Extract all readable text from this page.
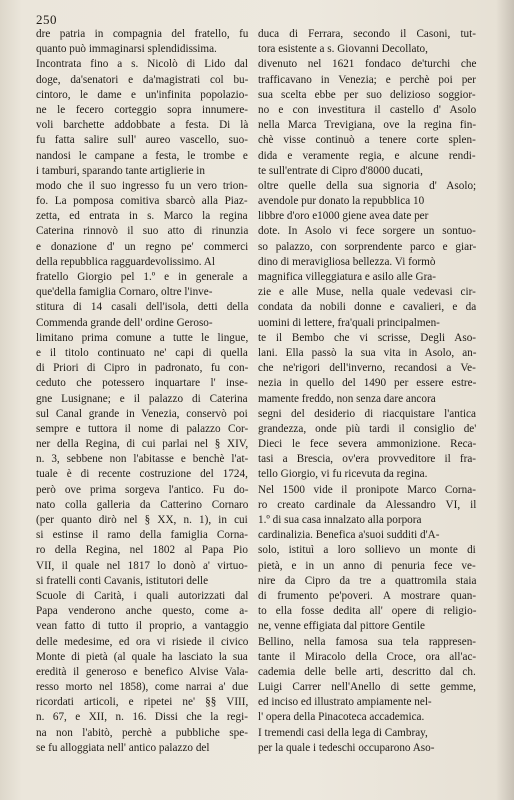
250
dre patria in compagnia del fratello, fu
quanto può immaginarsi splendidissima.
Incontrata fino a s. Nicolò di Lido dal
doge, da'senatori e da'magistrati col bu-
cintoro, le dame e un'infinita popolazio-
ne le fecero corteggio sopra innumere-
voli barchette addobbate a festa. Di là
fu fatta salire sull' aureo vascello, suo-
nandosi le campane a festa, le trombe e
i tamburi, sparando tante artiglierie in
modo che il suo ingresso fu un vero trion-
fo. La pomposa comitiva sbarcò alla Piaz-
zetta, ed entrata in s. Marco la regina
Caterina rinnovò il suo atto di rinunzia
e donazione d' un regno pe' commerci
della repubblica ragguardevolissimo. Al
fratello Giorgio pel 1.º e in generale a
que'della famiglia Cornaro, oltre l'inve-
stitura di 14 casali dell'isola, detti della
Commenda grande dell' ordine Geroso-
limitano prima comune a tutte le lingue,
e il titolo continuato ne' capi di quella
di Priori di Cipro in padronato, fu con-
ceduto che potessero inquartare l' inse-
gne Lusignane; e il palazzo di Caterina
sul Canal grande in Venezia, conservò poi
sempre e tuttora il nome di palazzo Cor-
ner della Regina, di cui parlai nel § XIV,
n. 3, sebbene non l'abitasse e benchè l'at-
tuale è di recente costruzione del 1724,
però ove prima sorgeva l'antico. Fu do-
nato colla galleria da Catterino Cornaro
(per quanto dirò nel § XX, n. 1), in cui
si estinse il ramo della famiglia Corna-
ro della Regina, nel 1802 al Papa Pio
VII, il quale nel 1817 lo donò a' virtuo-
si fratelli conti Cavanis, istitutori delle
Scuole di Carità, i quali autorizzati dal
Papa venderono anche questo, come a-
vean fatto di tutto il proprio, a vantaggio
delle medesime, ed ora vi risiede il civico
Monte di pietà (al quale ha lasciato la sua
eredità il generoso e benefico Alvise Vala-
resso morto nel 1858), come narrai a' due
ricordati articoli, e ripetei ne' §§ VIII,
n. 67, e XII, n. 16. Dissi che la regi-
na non l'abitò, perchè a pubbliche spe-
se fu alloggiata nell' antico palazzo del
duca di Ferrara, secondo il Casoni, tut-
tora esistente a s. Giovanni Decollato,
divenuto nel 1621 fondaco de'turchi che
trafficavano in Venezia; e perchè poi per
sua scelta ebbe per suo delizioso soggior-
no e con investitura il castello d' Asolo
nella Marca Trevigiana, ove la regina fin-
chè visse continuò a tenere corte splen-
dida e veramente regia, e alcune rendi-
te sull'entrate di Cipro d'8000 ducati,
oltre quelle della sua signoria d' Asolo;
avendole pur donato la repubblica 10
libbre d'oro e1000 giene avea date per
dote. In Asolo vi fece sorgere un sontuo-
so palazzo, con sorprendente parco e giar-
dino di meravigliosa bellezza. Vi formò
magnifica villeggiatura e asilo alle Gra-
zie e alle Muse, nella quale vedevasi cir-
condata da nobili donne e cavalieri, e da
uomini di lettere, fra'quali principalmen-
te il Bembo che vi scrisse, Degli Aso-
lani. Ella passò la sua vita in Asolo, an-
che ne'rigori dell'inverno, recandosi a Ve-
nezia in quello del 1490 per essere estre-
mamente freddo, non senza dare ancora
segni del desiderio di riacquistare l'antica
grandezza, onde più tardi il consiglio de'
Dieci le fece severa ammonizione. Reca-
tasi a Brescia, ov'era provveditore il fra-
tello Giorgio, vi fu ricevuta da regina.
Nel 1500 vide il pronipote Marco Corna-
ro creato cardinale da Alessandro VI, il
1.º di sua casa innalzato alla porpora
cardinalizia. Benefica a'suoi sudditi d'A-
solo, istituì a loro sollievo un monte di
pietà, e in un anno di penuria fece ve-
nire da Cipro da tre a quattromila staia
di frumento pe'poveri. A mostrare quan-
to ella fosse dedita all' opere di religio-
ne, venne effigiata dal pittore Gentile
Bellino, nella famosa sua tela rappresen-
tante il Miracolo della Croce, ora all'ac-
cademia delle belle arti, descritto dal ch.
Luigi Carrer nell'Anello di sette gemme,
ed inciso ed illustrato ampiamente nel-
l' opera della Pinacoteca accademica.
I tremendi casi della lega di Cambray,
per la quale i tedeschi occuparono Aso-
